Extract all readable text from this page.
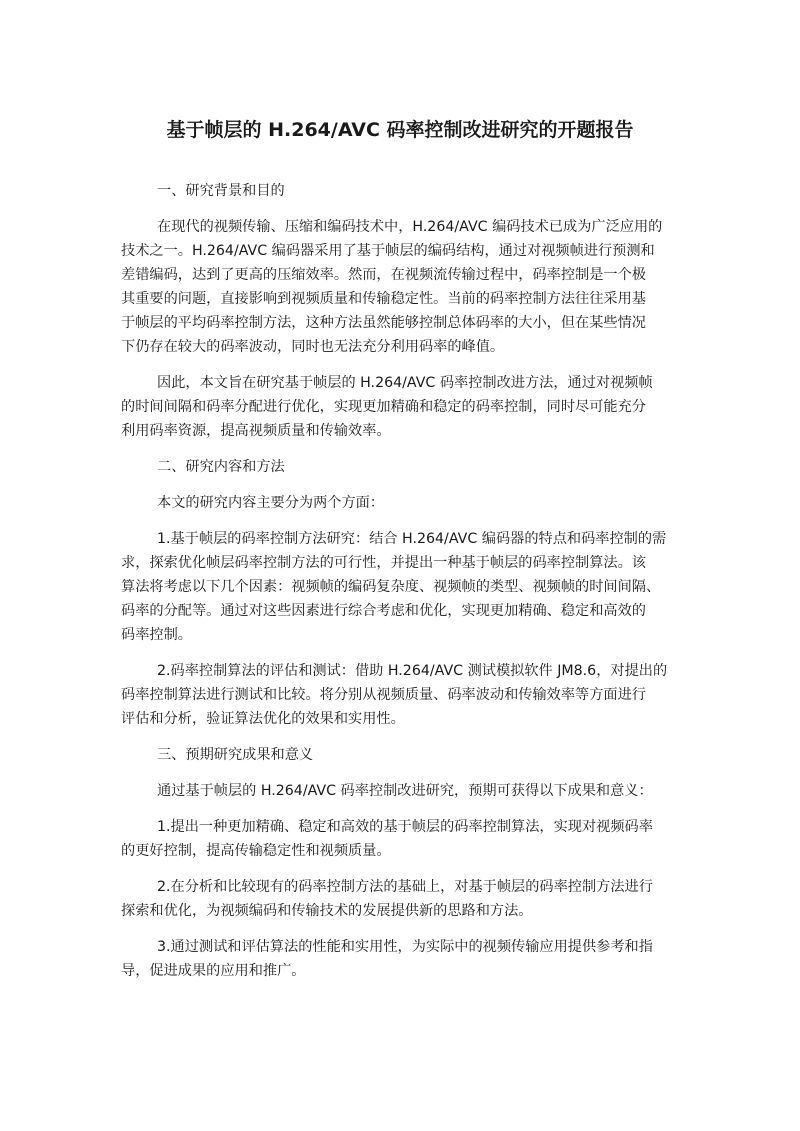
基于帧层的 H.264/AVC 码率控制改进研究的开题报告
一、研究背景和目的
在现代的视频传输、压缩和编码技术中，H.264/AVC 编码技术已成为广泛应用的
技术之一。H.264/AVC 编码器采用了基于帧层的编码结构，通过对视频帧进行预测和
差错编码，达到了更高的压缩效率。然而，在视频流传输过程中，码率控制是一个极
其重要的问题，直接影响到视频质量和传输稳定性。当前的码率控制方法往往采用基
于帧层的平均码率控制方法，这种方法虽然能够控制总体码率的大小，但在某些情况
下仍存在较大的码率波动，同时也无法充分利用码率的峰值。
因此，本文旨在研究基于帧层的 H.264/AVC 码率控制改进方法，通过对视频帧
的时间间隔和码率分配进行优化，实现更加精确和稳定的码率控制，同时尽可能充分
利用码率资源，提高视频质量和传输效率。
二、研究内容和方法
本文的研究内容主要分为两个方面：
1.基于帧层的码率控制方法研究：结合 H.264/AVC 编码器的特点和码率控制的需
求，探索优化帧层码率控制方法的可行性，并提出一种基于帧层的码率控制算法。该
算法将考虑以下几个因素：视频帧的编码复杂度、视频帧的类型、视频帧的时间间隔、
码率的分配等。通过对这些因素进行综合考虑和优化，实现更加精确、稳定和高效的
码率控制。
2.码率控制算法的评估和测试：借助 H.264/AVC 测试模拟软件 JM8.6，对提出的
码率控制算法进行测试和比较。将分别从视频质量、码率波动和传输效率等方面进行
评估和分析，验证算法优化的效果和实用性。
三、预期研究成果和意义
通过基于帧层的 H.264/AVC 码率控制改进研究，预期可获得以下成果和意义：
1.提出一种更加精确、稳定和高效的基于帧层的码率控制算法，实现对视频码率
的更好控制，提高传输稳定性和视频质量。
2.在分析和比较现有的码率控制方法的基础上，对基于帧层的码率控制方法进行
探索和优化，为视频编码和传输技术的发展提供新的思路和方法。
3.通过测试和评估算法的性能和实用性，为实际中的视频传输应用提供参考和指
导，促进成果的应用和推广。
